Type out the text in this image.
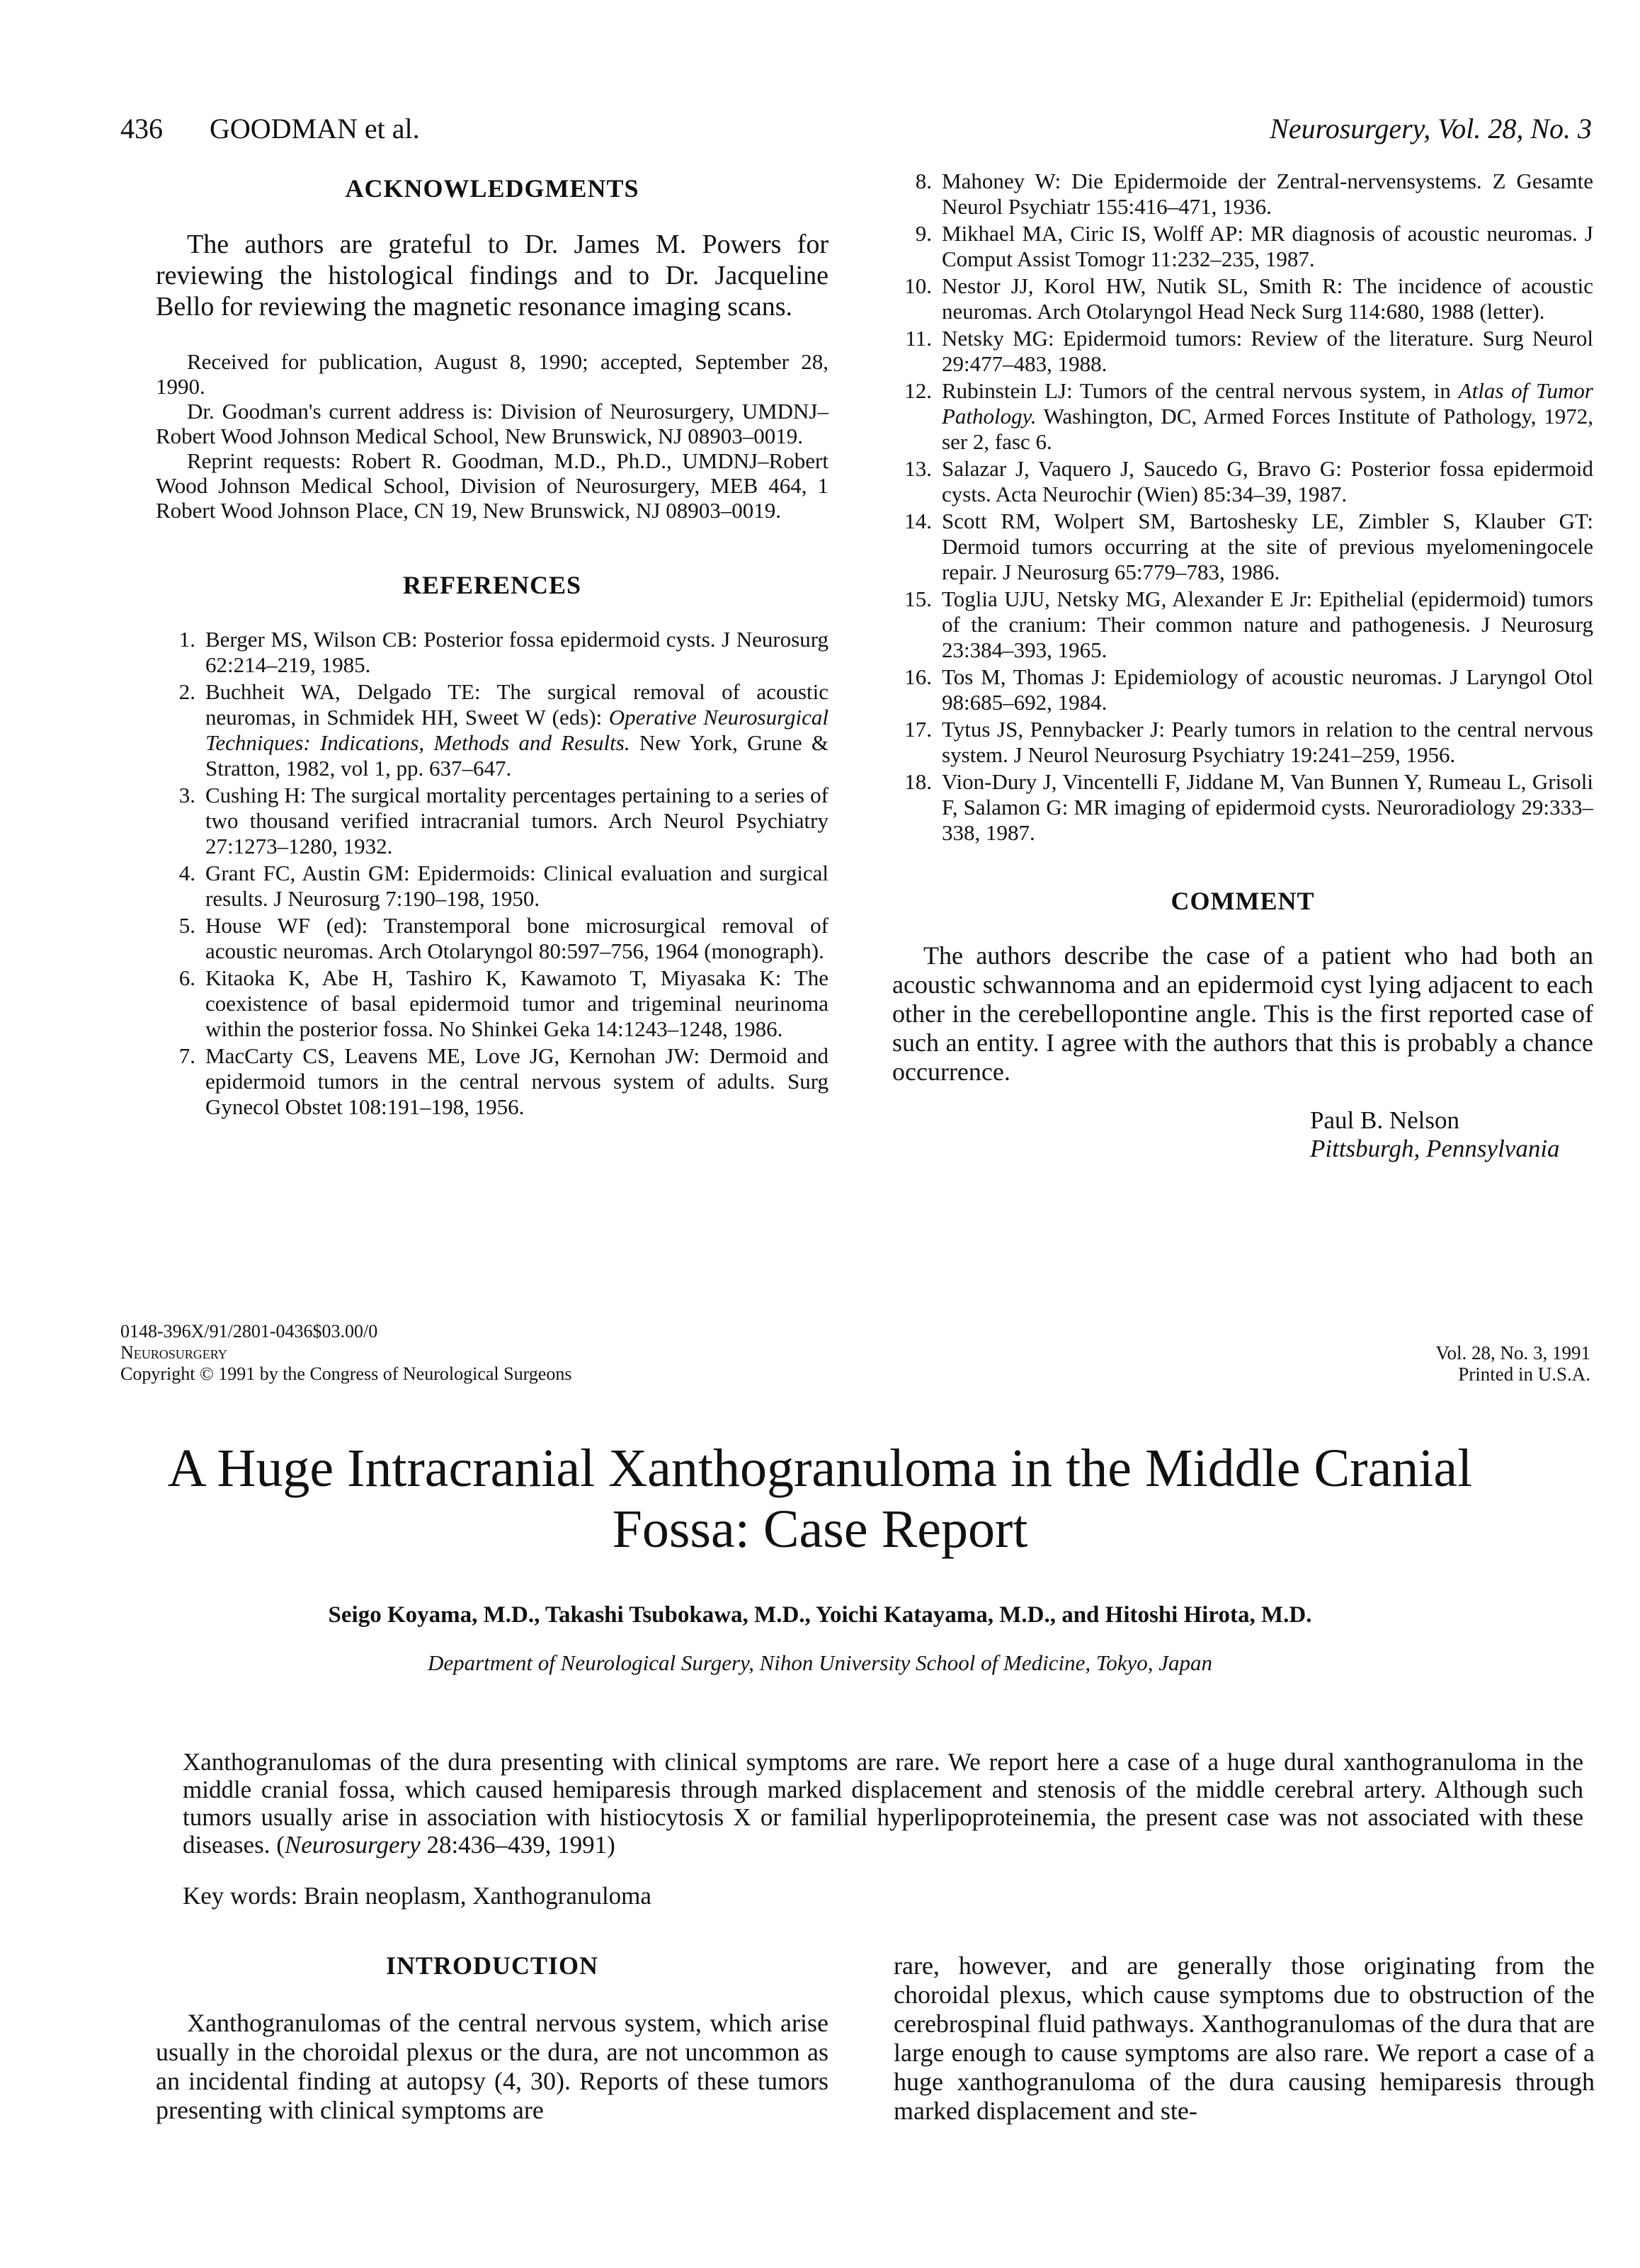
436 GOODMAN et al.	Neurosurgery, Vol. 28, No. 3
ACKNOWLEDGMENTS

The authors are grateful to Dr. James M. Powers for reviewing the histological findings and to Dr. Jacqueline Bello for reviewing the magnetic resonance imaging scans.

Received for publication, August 8, 1990; accepted, September 28, 1990.

Dr. Goodman's current address is: Division of Neurosurgery, UMDNJ–Robert Wood Johnson Medical School, New Brunswick, NJ 08903–0019.

Reprint requests: Robert R. Goodman, M.D., Ph.D., UMDNJ–Robert Wood Johnson Medical School, Division of Neurosurgery, MEB 464, 1 Robert Wood Johnson Place, CN 19, New Brunswick, NJ 08903–0019.

REFERENCES
1. Berger MS, Wilson CB: Posterior fossa epidermoid cysts. J Neurosurg 62:214–219, 1985.
2. Buchheit WA, Delgado TE: The surgical removal of acoustic neuromas, in Schmidek HH, Sweet W (eds): Operative Neurosurgical Techniques: Indications, Methods and Results. New York, Grune & Stratton, 1982, vol 1, pp. 637–647.
3. Cushing H: The surgical mortality percentages pertaining to a series of two thousand verified intracranial tumors. Arch Neurol Psychiatry 27:1273–1280, 1932.
4. Grant FC, Austin GM: Epidermoids: Clinical evaluation and surgical results. J Neurosurg 7:190–198, 1950.
5. House WF (ed): Transtemporal bone microsurgical removal of acoustic neuromas. Arch Otolaryngol 80:597–756, 1964 (monograph).
6. Kitaoka K, Abe H, Tashiro K, Kawamoto T, Miyasaka K: The coexistence of basal epidermoid tumor and trigeminal neurinoma within the posterior fossa. No Shinkei Geka 14:1243–1248, 1986.
7. MacCarty CS, Leavens ME, Love JG, Kernohan JW: Dermoid and epidermoid tumors in the central nervous system of adults. Surg Gynecol Obstet 108:191–198, 1956.
8. Mahoney W: Die Epidermoide der Zentral-nervensystems. Z Gesamte Neurol Psychiatr 155:416–471, 1936.
9. Mikhael MA, Ciric IS, Wolff AP: MR diagnosis of acoustic neuromas. J Comput Assist Tomogr 11:232–235, 1987.
10. Nestor JJ, Korol HW, Nutik SL, Smith R: The incidence of acoustic neuromas. Arch Otolaryngol Head Neck Surg 114:680, 1988 (letter).
11. Netsky MG: Epidermoid tumors: Review of the literature. Surg Neurol 29:477–483, 1988.
12. Rubinstein LJ: Tumors of the central nervous system, in Atlas of Tumor Pathology. Washington, DC, Armed Forces Institute of Pathology, 1972, ser 2, fasc 6.
13. Salazar J, Vaquero J, Saucedo G, Bravo G: Posterior fossa epidermoid cysts. Acta Neurochir (Wien) 85:34–39, 1987.
14. Scott RM, Wolpert SM, Bartoshesky LE, Zimbler S, Klauber GT: Dermoid tumors occurring at the site of previous myelomeningocele repair. J Neurosurg 65:779–783, 1986.
15. Toglia UJU, Netsky MG, Alexander E Jr: Epithelial (epidermoid) tumors of the cranium: Their common nature and pathogenesis. J Neurosurg 23:384–393, 1965.
16. Tos M, Thomas J: Epidemiology of acoustic neuromas. J Laryngol Otol 98:685–692, 1984.
17. Tytus JS, Pennybacker J: Pearly tumors in relation to the central nervous system. J Neurol Neurosurg Psychiatry 19:241–259, 1956.
18. Vion-Dury J, Vincentelli F, Jiddane M, Van Bunnen Y, Rumeau L, Grisoli F, Salamon G: MR imaging of epidermoid cysts. Neuroradiology 29:333–338, 1987.
COMMENT

The authors describe the case of a patient who had both an acoustic schwannoma and an epidermoid cyst lying adjacent to each other in the cerebellopontine angle. This is the first reported case of such an entity. I agree with the authors that this is probably a chance occurrence.

Paul B. Nelson
Pittsburgh, Pennsylvania
0148-396X/91/2801-0436$03.00/0
Neurosurgery
Copyright © 1991 by the Congress of Neurological Surgeons
Vol. 28, No. 3, 1991
Printed in U.S.A.
A Huge Intracranial Xanthogranuloma in the Middle Cranial Fossa: Case Report
Seigo Koyama, M.D., Takashi Tsubokawa, M.D., Yoichi Katayama, M.D., and Hitoshi Hirota, M.D.
Department of Neurological Surgery, Nihon University School of Medicine, Tokyo, Japan

Xanthogranulomas of the dura presenting with clinical symptoms are rare. We report here a case of a huge dural xanthogranuloma in the middle cranial fossa, which caused hemiparesis through marked displacement and stenosis of the middle cerebral artery. Although such tumors usually arise in association with histiocytosis X or familial hyperlipoproteinemia, the present case was not associated with these diseases. (Neurosurgery 28:436–439, 1991)

Key words: Brain neoplasm, Xanthogranuloma
INTRODUCTION

Xanthogranulomas of the central nervous system, which arise usually in the choroidal plexus or the dura, are not uncommon as an incidental finding at autopsy (4, 30). Reports of these tumors presenting with clinical symptoms are

rare, however, and are generally those originating from the choroidal plexus, which cause symptoms due to obstruction of the cerebrospinal fluid pathways. Xanthogranulomas of the dura that are large enough to cause symptoms are also rare. We report a case of a huge xanthogranuloma of the dura causing hemiparesis through marked displacement and ste-
